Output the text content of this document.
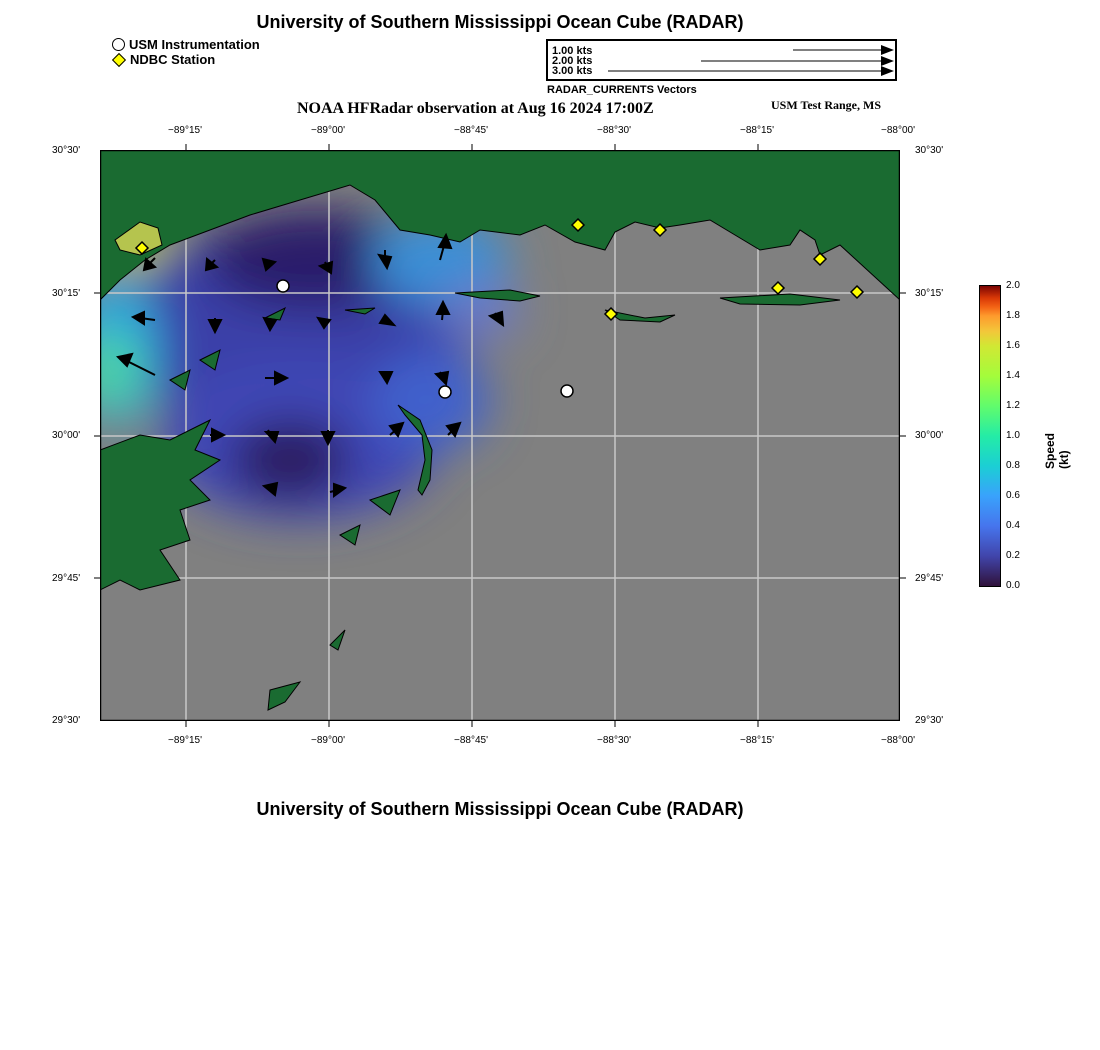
University of Southern Mississippi Ocean Cube (RADAR)
USM Instrumentation
NDBC Station
1.00 kts
2.00 kts
3.00 kts
RADAR_CURRENTS Vectors
NOAA HFRadar observation at Aug 16 2024 17:00Z	USM Test Range, MS
−89°15'	−89°00'	−88°45'	−88°30'	−88°15'	−88°00'
−89°15'	−89°00'	−88°45'	−88°30'	−88°15'	−88°00'
30°30'
30°15'
30°00'
29°45'
29°30'
30°30'
30°15'
30°00'
29°45'
29°30'
2.0
1.8
1.6
1.4
1.2
1.0
0.8
0.6
0.4
0.2
0.0
Speed (kt)
University of Southern Mississippi Ocean Cube (RADAR)
